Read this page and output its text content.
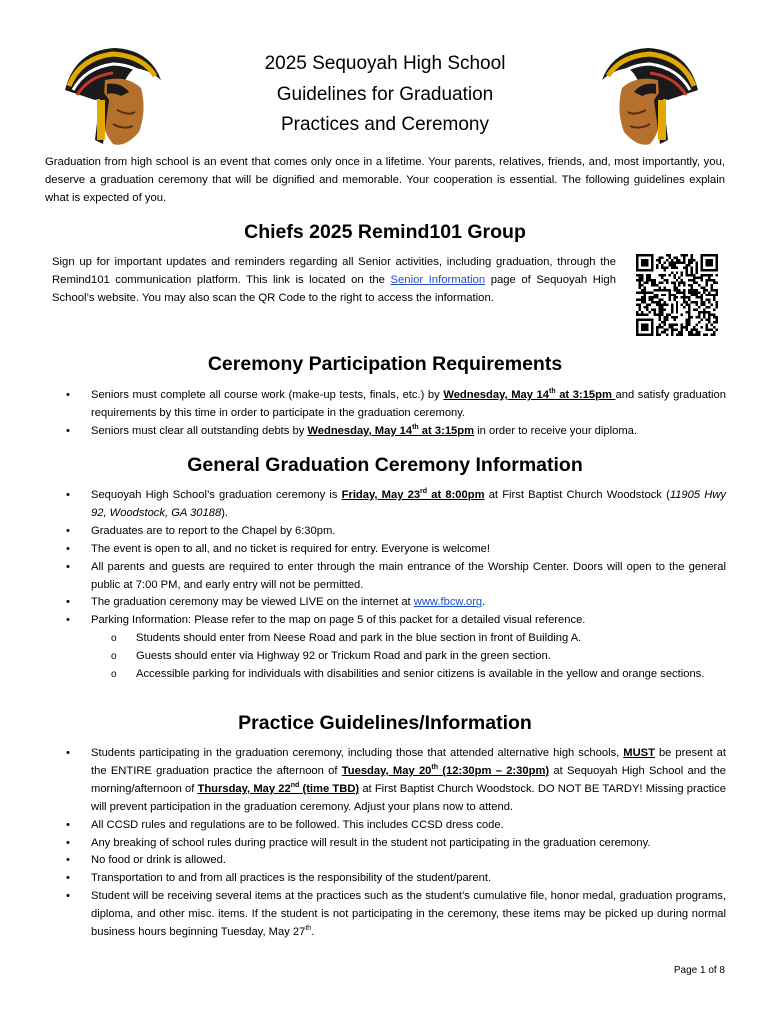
2025 Sequoyah High School
Guidelines for Graduation
Practices and Ceremony
Graduation from high school is an event that comes only once in a lifetime. Your parents, relatives, friends, and, most importantly, you, deserve a graduation ceremony that will be dignified and memorable. Your cooperation is essential. The following guidelines explain what is expected of you.
Chiefs 2025 Remind101 Group
Sign up for important updates and reminders regarding all Senior activities, including graduation, through the Remind101 communication platform. This link is located on the Senior Information page of Sequoyah High School’s website. You may also scan the QR Code to the right to access the information.
Ceremony Participation Requirements
• Seniors must complete all course work (make-up tests, finals, etc.) by Wednesday, May 14th at 3:15pm and satisfy graduation requirements by this time in order to participate in the graduation ceremony.
• Seniors must clear all outstanding debts by Wednesday, May 14th at 3:15pm in order to receive your diploma.
General Graduation Ceremony Information
• Sequoyah High School’s graduation ceremony is Friday, May 23rd at 8:00pm at First Baptist Church Woodstock (11905 Hwy 92, Woodstock, GA 30188).
• Graduates are to report to the Chapel by 6:30pm.
• The event is open to all, and no ticket is required for entry. Everyone is welcome!
• All parents and guests are required to enter through the main entrance of the Worship Center. Doors will open to the general public at 7:00 PM, and early entry will not be permitted.
• The graduation ceremony may be viewed LIVE on the internet at www.fbcw.org.
• Parking Information: Please refer to the map on page 5 of this packet for a detailed visual reference.
o Students should enter from Neese Road and park in the blue section in front of Building A.
o Guests should enter via Highway 92 or Trickum Road and park in the green section.
o Accessible parking for individuals with disabilities and senior citizens is available in the yellow and orange sections.
Practice Guidelines/Information
• Students participating in the graduation ceremony, including those that attended alternative high schools, MUST be present at the ENTIRE graduation practice the afternoon of Tuesday, May 20th (12:30pm – 2:30pm) at Sequoyah High School and the morning/afternoon of Thursday, May 22nd (time TBD) at First Baptist Church Woodstock. DO NOT BE TARDY! Missing practice will prevent participation in the graduation ceremony. Adjust your plans now to attend.
• All CCSD rules and regulations are to be followed. This includes CCSD dress code.
• Any breaking of school rules during practice will result in the student not participating in the graduation ceremony.
• No food or drink is allowed.
• Transportation to and from all practices is the responsibility of the student/parent.
• Student will be receiving several items at the practices such as the student’s cumulative file, honor medal, graduation programs, diploma, and other misc. items. If the student is not participating in the ceremony, these items may be picked up during normal business hours beginning Tuesday, May 27th.
Page 1 of 8
